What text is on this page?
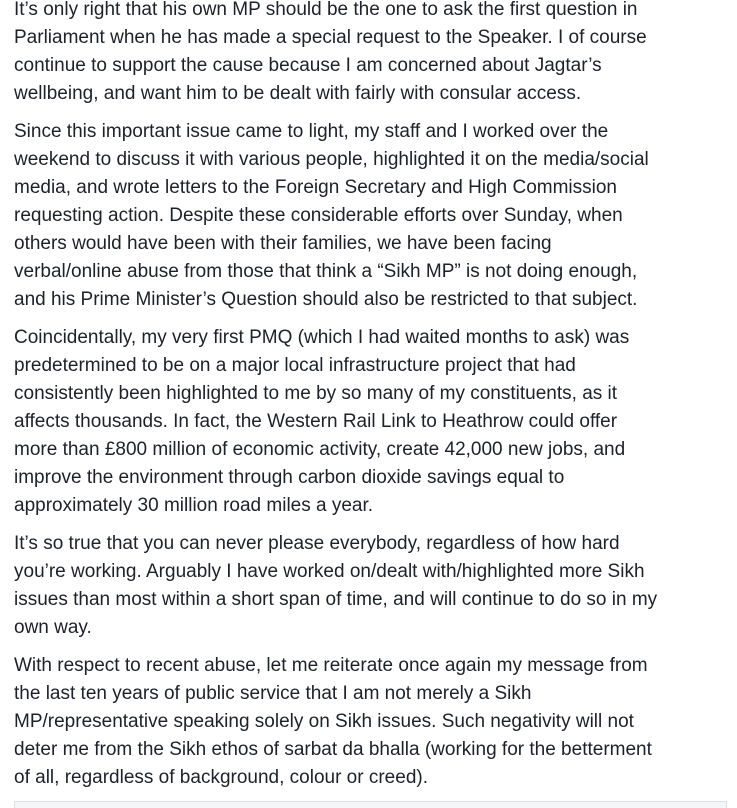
It’s only right that his own MP should be the one to ask the first question in
Parliament when he has made a special request to the Speaker. I of course
continue to support the cause because I am concerned about Jagtar’s
wellbeing, and want him to be dealt with fairly with consular access.

Since this important issue came to light, my staff and I worked over the
weekend to discuss it with various people, highlighted it on the media/social
media, and wrote letters to the Foreign Secretary and High Commission
requesting action. Despite these considerable efforts over Sunday, when
others would have been with their families, we have been facing
verbal/online abuse from those that think a “Sikh MP” is not doing enough,
and his Prime Minister’s Question should also be restricted to that subject.

Coincidentally, my very first PMQ (which I had waited months to ask) was
predetermined to be on a major local infrastructure project that had
consistently been highlighted to me by so many of my constituents, as it
affects thousands. In fact, the Western Rail Link to Heathrow could offer
more than £800 million of economic activity, create 42,000 new jobs, and
improve the environment through carbon dioxide savings equal to
approximately 30 million road miles a year.

It’s so true that you can never please everybody, regardless of how hard
you’re working. Arguably I have worked on/dealt with/highlighted more Sikh
issues than most within a short span of time, and will continue to do so in my
own way.

With respect to recent abuse, let me reiterate once again my message from
the last ten years of public service that I am not merely a Sikh
MP/representative speaking solely on Sikh issues. Such negativity will not
deter me from the Sikh ethos of sarbat da bhalla (working for the betterment
of all, regardless of background, colour or creed).
